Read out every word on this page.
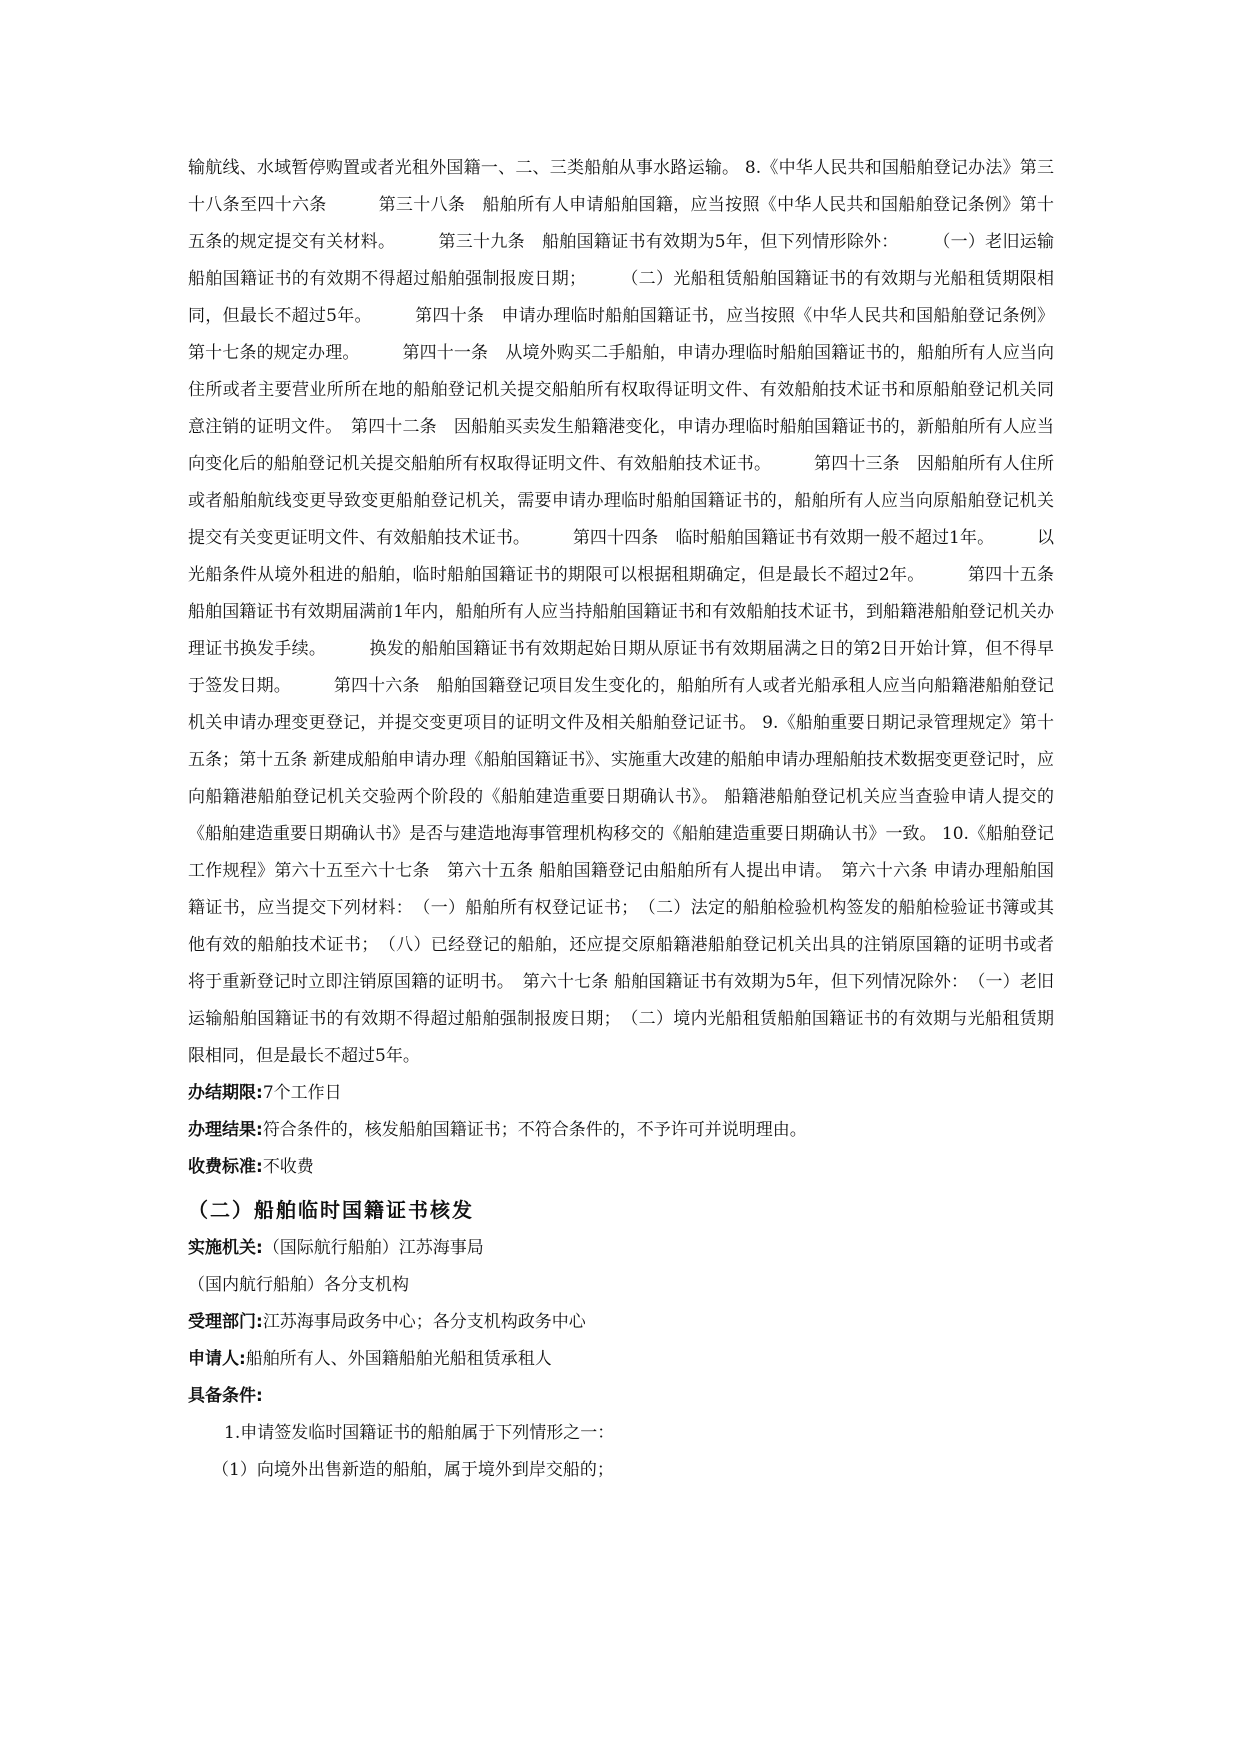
输航线、水域暂停购置或者光租外国籍一、二、三类船舶从事水路运输。 8.《中华人民共和国船舶登记办法》第三十八条至四十六条　　　第三十八条　船舶所有人申请船舶国籍，应当按照《中华人民共和国船舶登记条例》第十五条的规定提交有关材料。　　　第三十九条　船舶国籍证书有效期为5年，但下列情形除外：　　　（一）老旧运输船舶国籍证书的有效期不得超过船舶强制报废日期；　　　（二）光船租赁船舶国籍证书的有效期与光船租赁期限相同，但最长不超过5年。　　　第四十条　申请办理临时船舶国籍证书，应当按照《中华人民共和国船舶登记条例》第十七条的规定办理。　　　第四十一条　从境外购买二手船舶，申请办理临时船舶国籍证书的，船舶所有人应当向住所或者主要营业所所在地的船舶登记机关提交船舶所有权取得证明文件、有效船舶技术证书和原船舶登记机关同意注销的证明文件。　第四十二条　因船舶买卖发生船籍港变化，申请办理临时船舶国籍证书的，新船舶所有人应当向变化后的船舶登记机关提交船舶所有权取得证明文件、有效船舶技术证书。　　　第四十三条　因船舶所有人住所或者船舶航线变更导致变更船舶登记机关，需要申请办理临时船舶国籍证书的，船舶所有人应当向原船舶登记机关提交有关变更证明文件、有效船舶技术证书。　　　第四十四条　临时船舶国籍证书有效期一般不超过1年。　　　以光船条件从境外租进的船舶，临时船舶国籍证书的期限可以根据租期确定，但是最长不超过2年。　　　第四十五条　船舶国籍证书有效期届满前1年内，船舶所有人应当持船舶国籍证书和有效船舶技术证书，到船籍港船舶登记机关办理证书换发手续。　　　换发的船舶国籍证书有效期起始日期从原证书有效期届满之日的第2日开始计算，但不得早于签发日期。　　　第四十六条　船舶国籍登记项目发生变化的，船舶所有人或者光船承租人应当向船籍港船舶登记机关申请办理变更登记，并提交变更项目的证明文件及相关船舶登记证书。 9.《船舶重要日期记录管理规定》第十五条；第十五条 新建成船舶申请办理《船舶国籍证书》、实施重大改建的船舶申请办理船舶技术数据变更登记时，应向船籍港船舶登记机关交验两个阶段的《船舶建造重要日期确认书》。 船籍港船舶登记机关应当查验申请人提交的《船舶建造重要日期确认书》是否与建造地海事管理机构移交的《船舶建造重要日期确认书》一致。 10.《船舶登记工作规程》第六十五至六十七条　第六十五条 船舶国籍登记由船舶所有人提出申请。　第六十六条 申请办理船舶国籍证书，应当提交下列材料：　（一）船舶所有权登记证书；　（二）法定的船舶检验机构签发的船舶检验证书簿或其他有效的船舶技术证书；　（八）已经登记的船舶，还应提交原船籍港船舶登记机关出具的注销原国籍的证明书或者将于重新登记时立即注销原国籍的证明书。　第六十七条 船舶国籍证书有效期为5年，但下列情况除外：　（一）老旧运输船舶国籍证书的有效期不得超过船舶强制报废日期；　（二）境内光船租赁船舶国籍证书的有效期与光船租赁期限相同，但是最长不超过5年。

办结期限:7个工作日

办理结果:符合条件的，核发船舶国籍证书；不符合条件的，不予许可并说明理由。

收费标准:不收费

（二）船舶临时国籍证书核发

实施机关:（国际航行船舶）江苏海事局

（国内航行船舶）各分支机构

受理部门:江苏海事局政务中心；各分支机构政务中心

申请人:船舶所有人、外国籍船舶光船租赁承租人

具备条件:

1.申请签发临时国籍证书的船舶属于下列情形之一：

（1）向境外出售新造的船舶，属于境外到岸交船的；
